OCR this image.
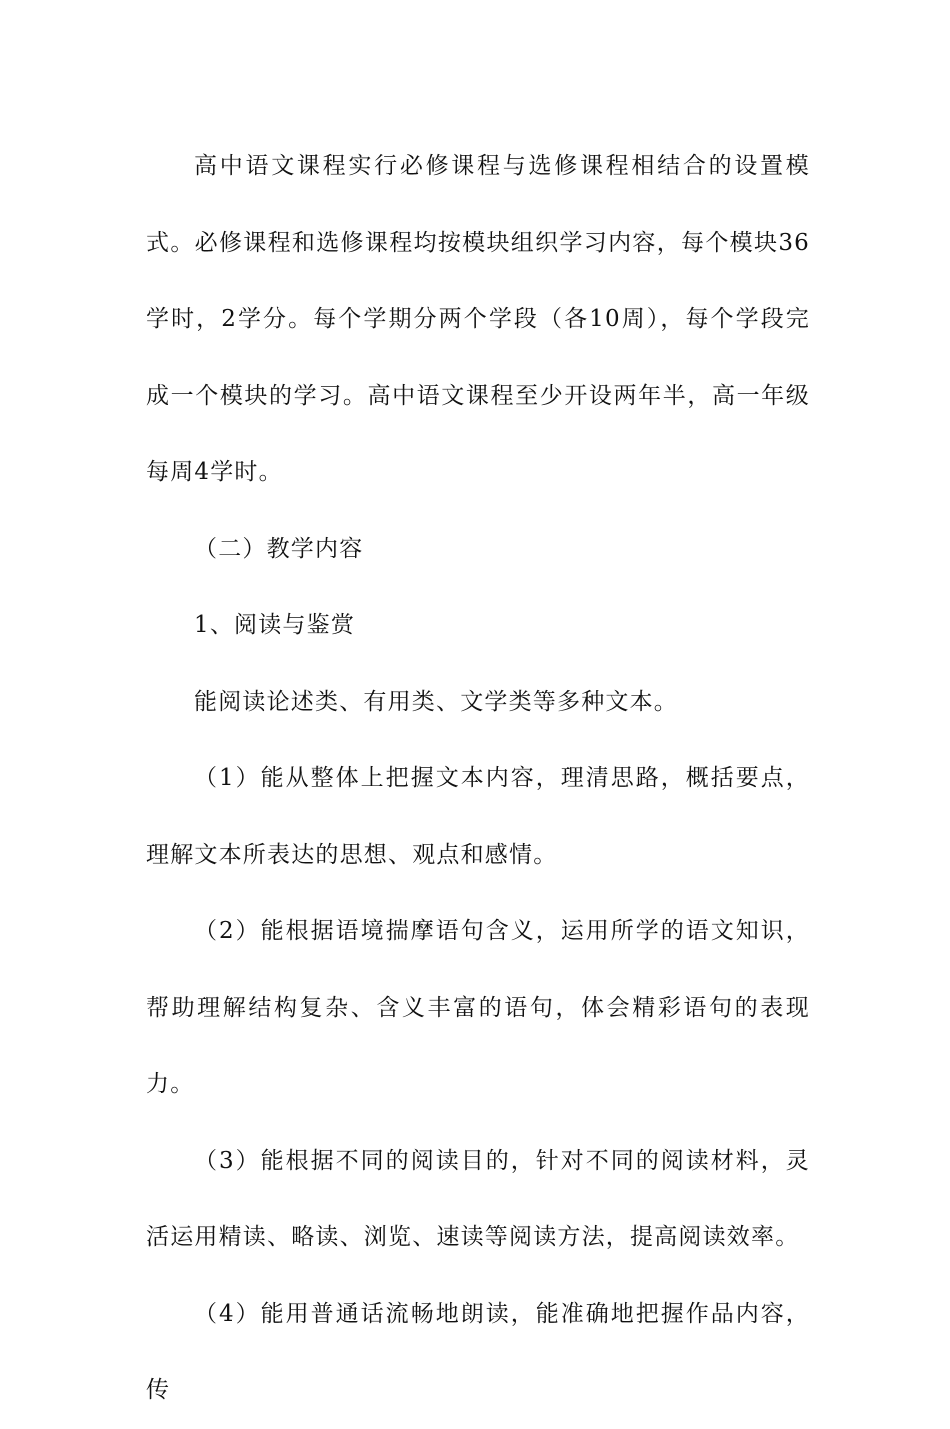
高中语文课程实行必修课程与选修课程相结合的设置模式。必修课程和选修课程均按模块组织学习内容，每个模块36学时，2学分。每个学期分两个学段（各10周），每个学段完成一个模块的学习。高中语文课程至少开设两年半，高一年级每周4学时。

（二）教学内容

1、阅读与鉴赏

能阅读论述类、有用类、文学类等多种文本。

（1）能从整体上把握文本内容，理清思路，概括要点，理解文本所表达的思想、观点和感情。

（2）能根据语境揣摩语句含义，运用所学的语文知识，帮助理解结构复杂、含义丰富的语句，体会精彩语句的表现力。

（3）能根据不同的阅读目的，针对不同的阅读材料，灵活运用精读、略读、浏览、速读等阅读方法，提高阅读效率。

（4）能用普通话流畅地朗读，能准确地把握作品内容，传
